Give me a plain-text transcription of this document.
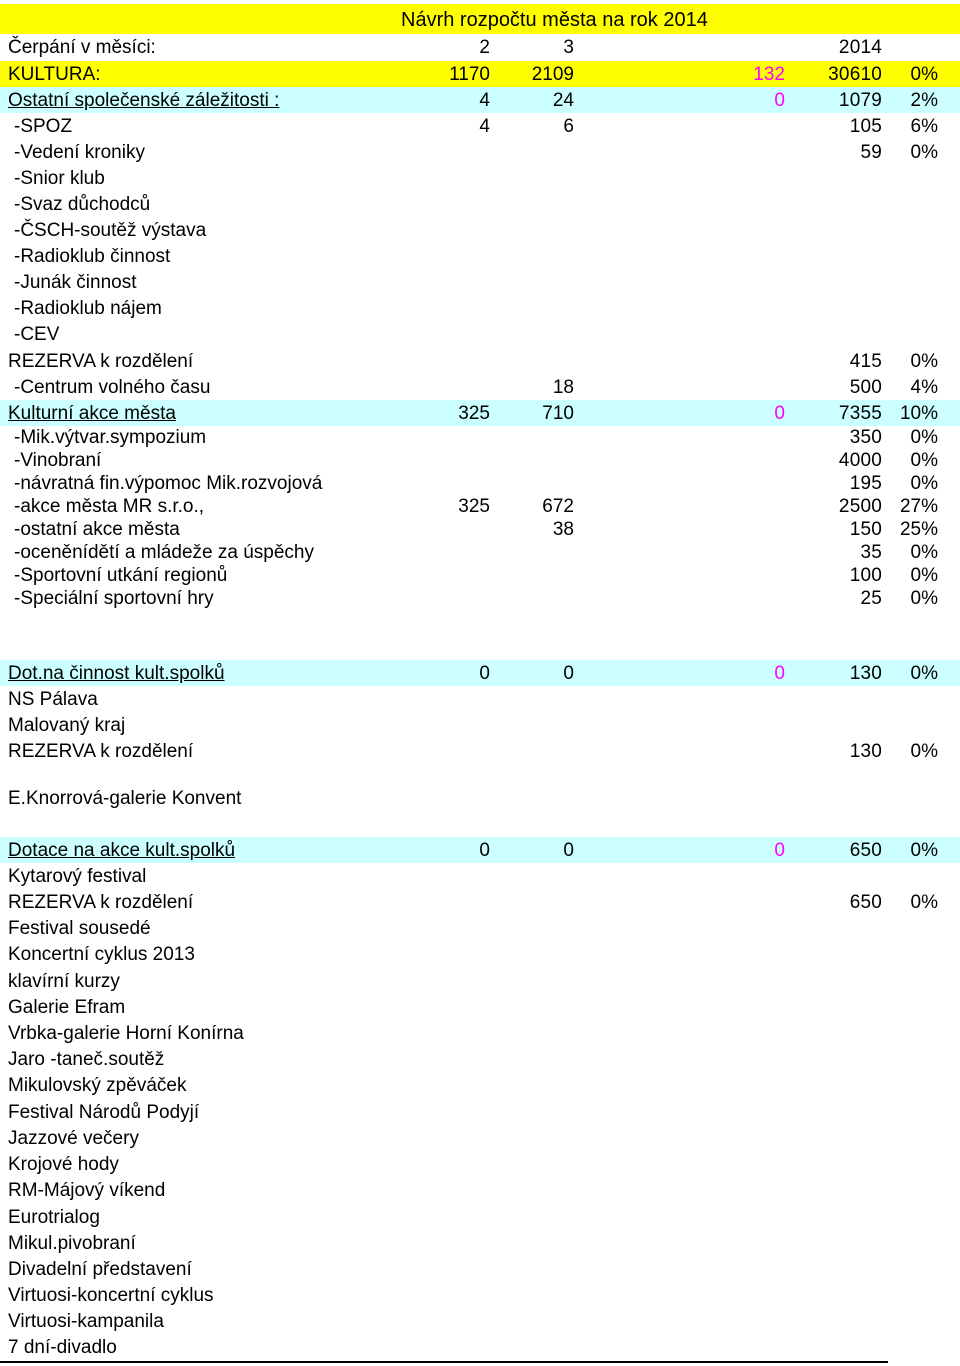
Návrh rozpočtu města na rok 2014
Čerpání v měsíci:	2	3	2014
KULTURA:	1170 2109	132 30610 0%
Ostatní společenské záležitosti :	4	24	0	1079 2%
-SPOZ	4	6	105 6%
-Vedení kroniky	59 0%
-Snior klub
-Svaz důchodců
-ČSCH-soutěž výstava
-Radioklub činnost
-Junák činnost
-Radioklub nájem
-CEV
REZERVA k rozdělení	415 0%
-Centrum volného času	18	500 4%
Kulturní akce města	325	710	0	7355 10%
-Mik.výtvar.sympozium	350 0%
-Vinobraní	4000 0%
-návratná fin.výpomoc Mik.rozvojová	195 0%
-akce města MR s.r.o.,	325	672	2500 27%
-ostatní akce města	38	150 25%
-oceněnídětí a mládeže za úspěchy	35 0%
-Sportovní utkání regionů	100 0%
-Speciální sportovní hry	25 0%
Dot.na činnost kult.spolků	0	0	0	130 0%
NS Pálava
Malovaný kraj
REZERVA k rozdělení	130 0%
E.Knorrová-galerie Konvent
Dotace na akce kult.spolků	0	0	0	650 0%
Kytarový festival
REZERVA k rozdělení	650 0%
Festival sousedé
Koncertní cyklus 2013
klavírní kurzy
Galerie Efram
Vrbka-galerie Horní Konírna
Jaro -taneč.soutěž
Mikulovský zpěváček
Festival Národů Podyjí
Jazzové večery
Krojové hody
RM-Májový víkend
Eurotrialog
Mikul.pivobraní
Divadelní představení
Virtuosi-koncertní cyklus
Virtuosi-kampanila
7 dní-divadlo
